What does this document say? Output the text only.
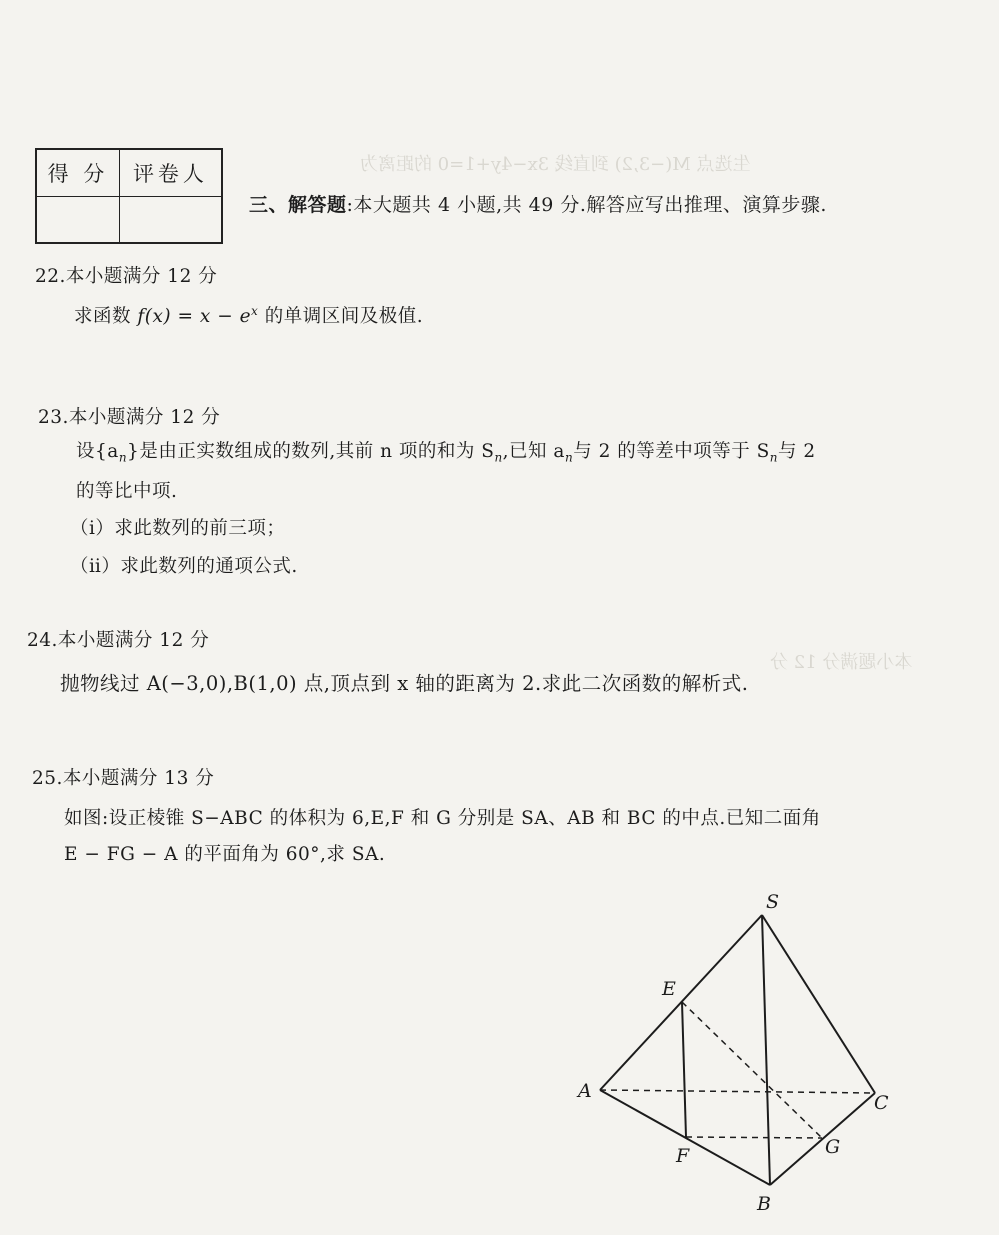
生选点 M(−3,2) 到直线 3x−4y+1=0 的距离为
本小题满分 12 分
得 分	评卷人

三、解答题:本大题共 4 小题,共 49 分.解答应写出推理、演算步骤.
22.本小题满分 12 分
求函数 $f(x) = x - e^x$ 的单调区间及极值.
23.本小题满分 12 分
设$\{a_n\}$是由正实数组成的数列,其前 n 项的和为 $S_n$,已知 $a_n$与 2 的等差中项等于 $S_n$与 2
的等比中项.
（ⅰ）求此数列的前三项；
（ⅱ）求此数列的通项公式.
24.本小题满分 12 分
抛物线过 A(−3,0),B(1,0) 点,顶点到 x 轴的距离为 2.求此二次函数的解析式.
25.本小题满分 13 分
如图:设正棱锥 S−ABC 的体积为 6,E,F 和 G 分别是 SA、AB 和 BC 的中点.已知二面角
E − FG − A 的平面角为 60°,求 SA.
S
E
A
C
F	G
B
